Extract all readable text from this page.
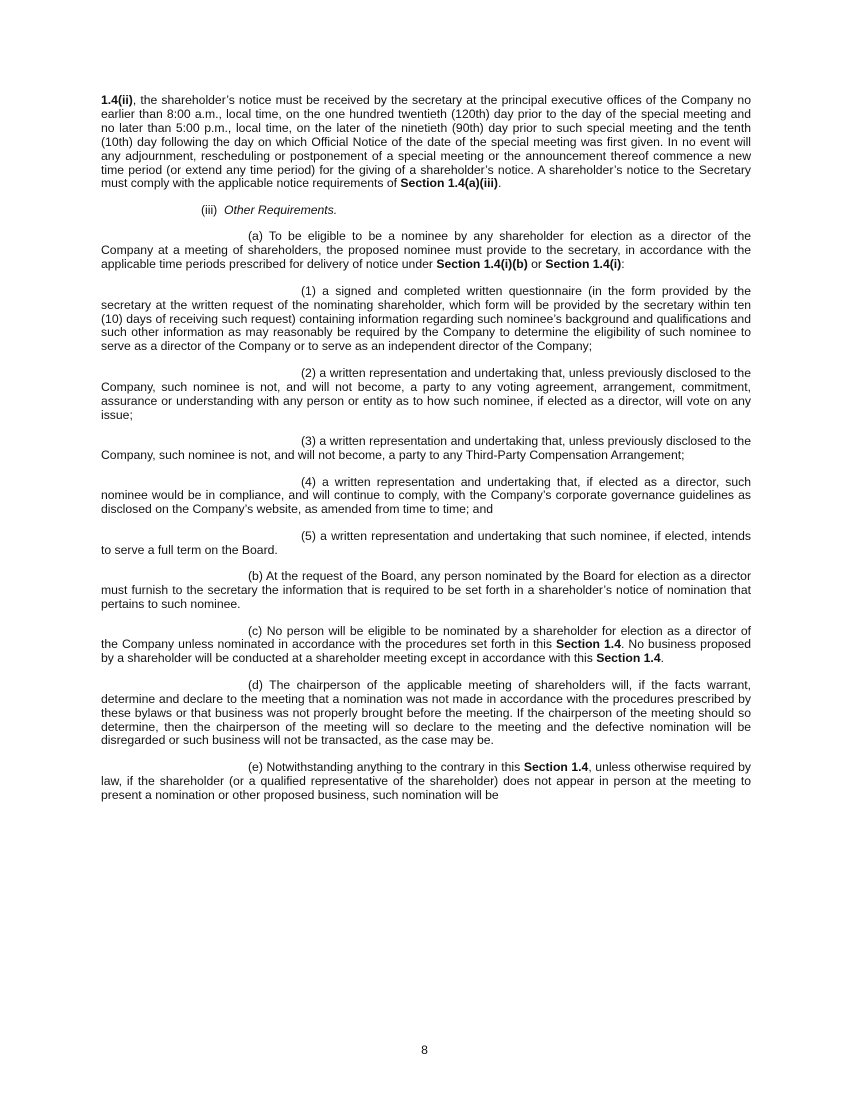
1.4(ii), the shareholder’s notice must be received by the secretary at the principal executive offices of the Company no earlier than 8:00 a.m., local time, on the one hundred twentieth (120th) day prior to the day of the special meeting and no later than 5:00 p.m., local time, on the later of the ninetieth (90th) day prior to such special meeting and the tenth (10th) day following the day on which Official Notice of the date of the special meeting was first given. In no event will any adjournment, rescheduling or postponement of a special meeting or the announcement thereof commence a new time period (or extend any time period) for the giving of a shareholder’s notice. A shareholder’s notice to the Secretary must comply with the applicable notice requirements of Section 1.4(a)(iii).

(iii) Other Requirements.

(a) To be eligible to be a nominee by any shareholder for election as a director of the Company at a meeting of shareholders, the proposed nominee must provide to the secretary, in accordance with the applicable time periods prescribed for delivery of notice under Section 1.4(i)(b) or Section 1.4(i):

(1) a signed and completed written questionnaire (in the form provided by the secretary at the written request of the nominating shareholder, which form will be provided by the secretary within ten (10) days of receiving such request) containing information regarding such nominee’s background and qualifications and such other information as may reasonably be required by the Company to determine the eligibility of such nominee to serve as a director of the Company or to serve as an independent director of the Company;

(2) a written representation and undertaking that, unless previously disclosed to the Company, such nominee is not, and will not become, a party to any voting agreement, arrangement, commitment, assurance or understanding with any person or entity as to how such nominee, if elected as a director, will vote on any issue;

(3) a written representation and undertaking that, unless previously disclosed to the Company, such nominee is not, and will not become, a party to any Third-Party Compensation Arrangement;

(4) a written representation and undertaking that, if elected as a director, such nominee would be in compliance, and will continue to comply, with the Company’s corporate governance guidelines as disclosed on the Company’s website, as amended from time to time; and

(5) a written representation and undertaking that such nominee, if elected, intends to serve a full term on the Board.

(b) At the request of the Board, any person nominated by the Board for election as a director must furnish to the secretary the information that is required to be set forth in a shareholder’s notice of nomination that pertains to such nominee.

(c) No person will be eligible to be nominated by a shareholder for election as a director of the Company unless nominated in accordance with the procedures set forth in this Section 1.4. No business proposed by a shareholder will be conducted at a shareholder meeting except in accordance with this Section 1.4.

(d) The chairperson of the applicable meeting of shareholders will, if the facts warrant, determine and declare to the meeting that a nomination was not made in accordance with the procedures prescribed by these bylaws or that business was not properly brought before the meeting. If the chairperson of the meeting should so determine, then the chairperson of the meeting will so declare to the meeting and the defective nomination will be disregarded or such business will not be transacted, as the case may be.

(e) Notwithstanding anything to the contrary in this Section 1.4, unless otherwise required by law, if the shareholder (or a qualified representative of the shareholder) does not appear in person at the meeting to present a nomination or other proposed business, such nomination will be

8
